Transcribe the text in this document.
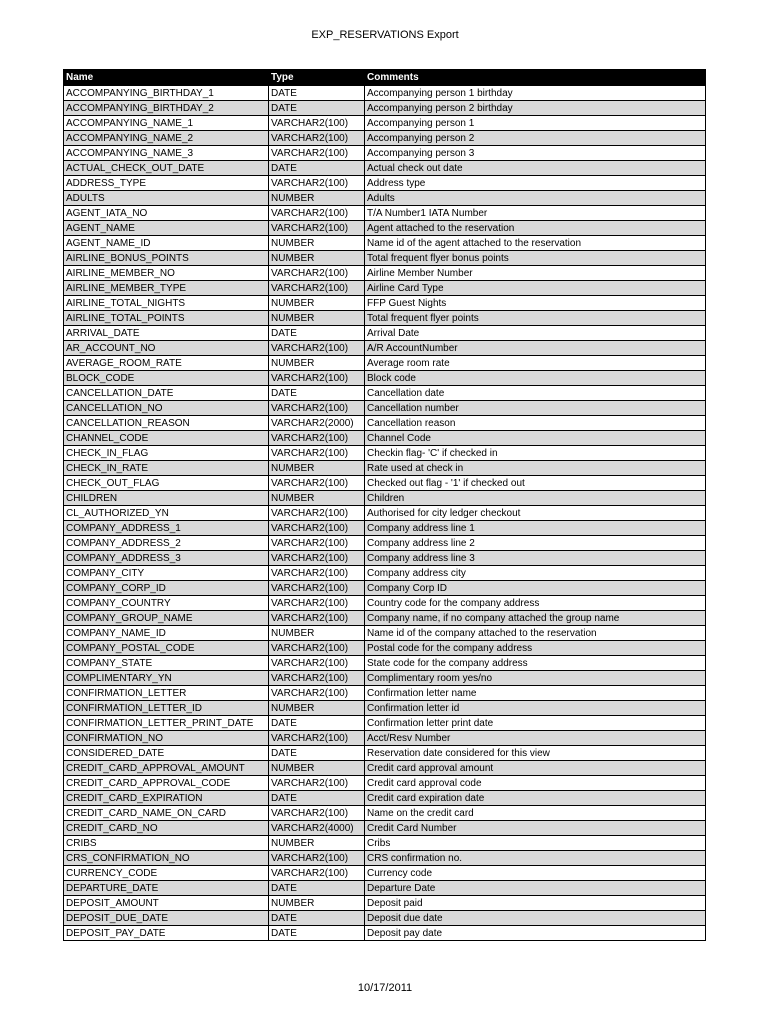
EXP_RESERVATIONS Export
Name	Type	Comments
ACCOMPANYING_BIRTHDAY_1	DATE	Accompanying person 1 birthday
ACCOMPANYING_BIRTHDAY_2	DATE	Accompanying person 2 birthday
ACCOMPANYING_NAME_1	VARCHAR2(100)	Accompanying person 1
ACCOMPANYING_NAME_2	VARCHAR2(100)	Accompanying person 2
ACCOMPANYING_NAME_3	VARCHAR2(100)	Accompanying person 3
ACTUAL_CHECK_OUT_DATE	DATE	Actual check out date
ADDRESS_TYPE	VARCHAR2(100)	Address type
ADULTS	NUMBER	Adults
AGENT_IATA_NO	VARCHAR2(100)	T/A Number1 IATA Number
AGENT_NAME	VARCHAR2(100)	Agent attached to the reservation
AGENT_NAME_ID	NUMBER	Name id of the agent attached to the reservation
AIRLINE_BONUS_POINTS	NUMBER	Total frequent flyer bonus points
AIRLINE_MEMBER_NO	VARCHAR2(100)	Airline Member Number
AIRLINE_MEMBER_TYPE	VARCHAR2(100)	Airline Card Type
AIRLINE_TOTAL_NIGHTS	NUMBER	FFP Guest Nights
AIRLINE_TOTAL_POINTS	NUMBER	Total frequent flyer points
ARRIVAL_DATE	DATE	Arrival Date
AR_ACCOUNT_NO	VARCHAR2(100)	A/R AccountNumber
AVERAGE_ROOM_RATE	NUMBER	Average room rate
BLOCK_CODE	VARCHAR2(100)	Block code
CANCELLATION_DATE	DATE	Cancellation date
CANCELLATION_NO	VARCHAR2(100)	Cancellation number
CANCELLATION_REASON	VARCHAR2(2000)	Cancellation reason
CHANNEL_CODE	VARCHAR2(100)	Channel Code
CHECK_IN_FLAG	VARCHAR2(100)	Checkin flag- 'C' if checked in
CHECK_IN_RATE	NUMBER	Rate used at check in
CHECK_OUT_FLAG	VARCHAR2(100)	Checked out flag - '1' if checked out
CHILDREN	NUMBER	Children
CL_AUTHORIZED_YN	VARCHAR2(100)	Authorised for city ledger checkout
COMPANY_ADDRESS_1	VARCHAR2(100)	Company address line 1
COMPANY_ADDRESS_2	VARCHAR2(100)	Company address line 2
COMPANY_ADDRESS_3	VARCHAR2(100)	Company address line 3
COMPANY_CITY	VARCHAR2(100)	Company address city
COMPANY_CORP_ID	VARCHAR2(100)	Company Corp ID
COMPANY_COUNTRY	VARCHAR2(100)	Country code for the company address
COMPANY_GROUP_NAME	VARCHAR2(100)	Company name, if no company attached the group name
COMPANY_NAME_ID	NUMBER	Name id of the company attached to the reservation
COMPANY_POSTAL_CODE	VARCHAR2(100)	Postal code for the company address
COMPANY_STATE	VARCHAR2(100)	State code for the company address
COMPLIMENTARY_YN	VARCHAR2(100)	Complimentary room yes/no
CONFIRMATION_LETTER	VARCHAR2(100)	Confirmation letter name
CONFIRMATION_LETTER_ID	NUMBER	Confirmation letter id
CONFIRMATION_LETTER_PRINT_DATE	DATE	Confirmation letter print date
CONFIRMATION_NO	VARCHAR2(100)	Acct/Resv Number
CONSIDERED_DATE	DATE	Reservation date considered for this view
CREDIT_CARD_APPROVAL_AMOUNT	NUMBER	Credit card approval amount
CREDIT_CARD_APPROVAL_CODE	VARCHAR2(100)	Credit card approval code
CREDIT_CARD_EXPIRATION	DATE	Credit card expiration date
CREDIT_CARD_NAME_ON_CARD	VARCHAR2(100)	Name on the credit card
CREDIT_CARD_NO	VARCHAR2(4000)	Credit Card Number
CRIBS	NUMBER	Cribs
CRS_CONFIRMATION_NO	VARCHAR2(100)	CRS confirmation no.
CURRENCY_CODE	VARCHAR2(100)	Currency code
DEPARTURE_DATE	DATE	Departure Date
DEPOSIT_AMOUNT	NUMBER	Deposit paid
DEPOSIT_DUE_DATE	DATE	Deposit due date
DEPOSIT_PAY_DATE	DATE	Deposit pay date
10/17/2011
